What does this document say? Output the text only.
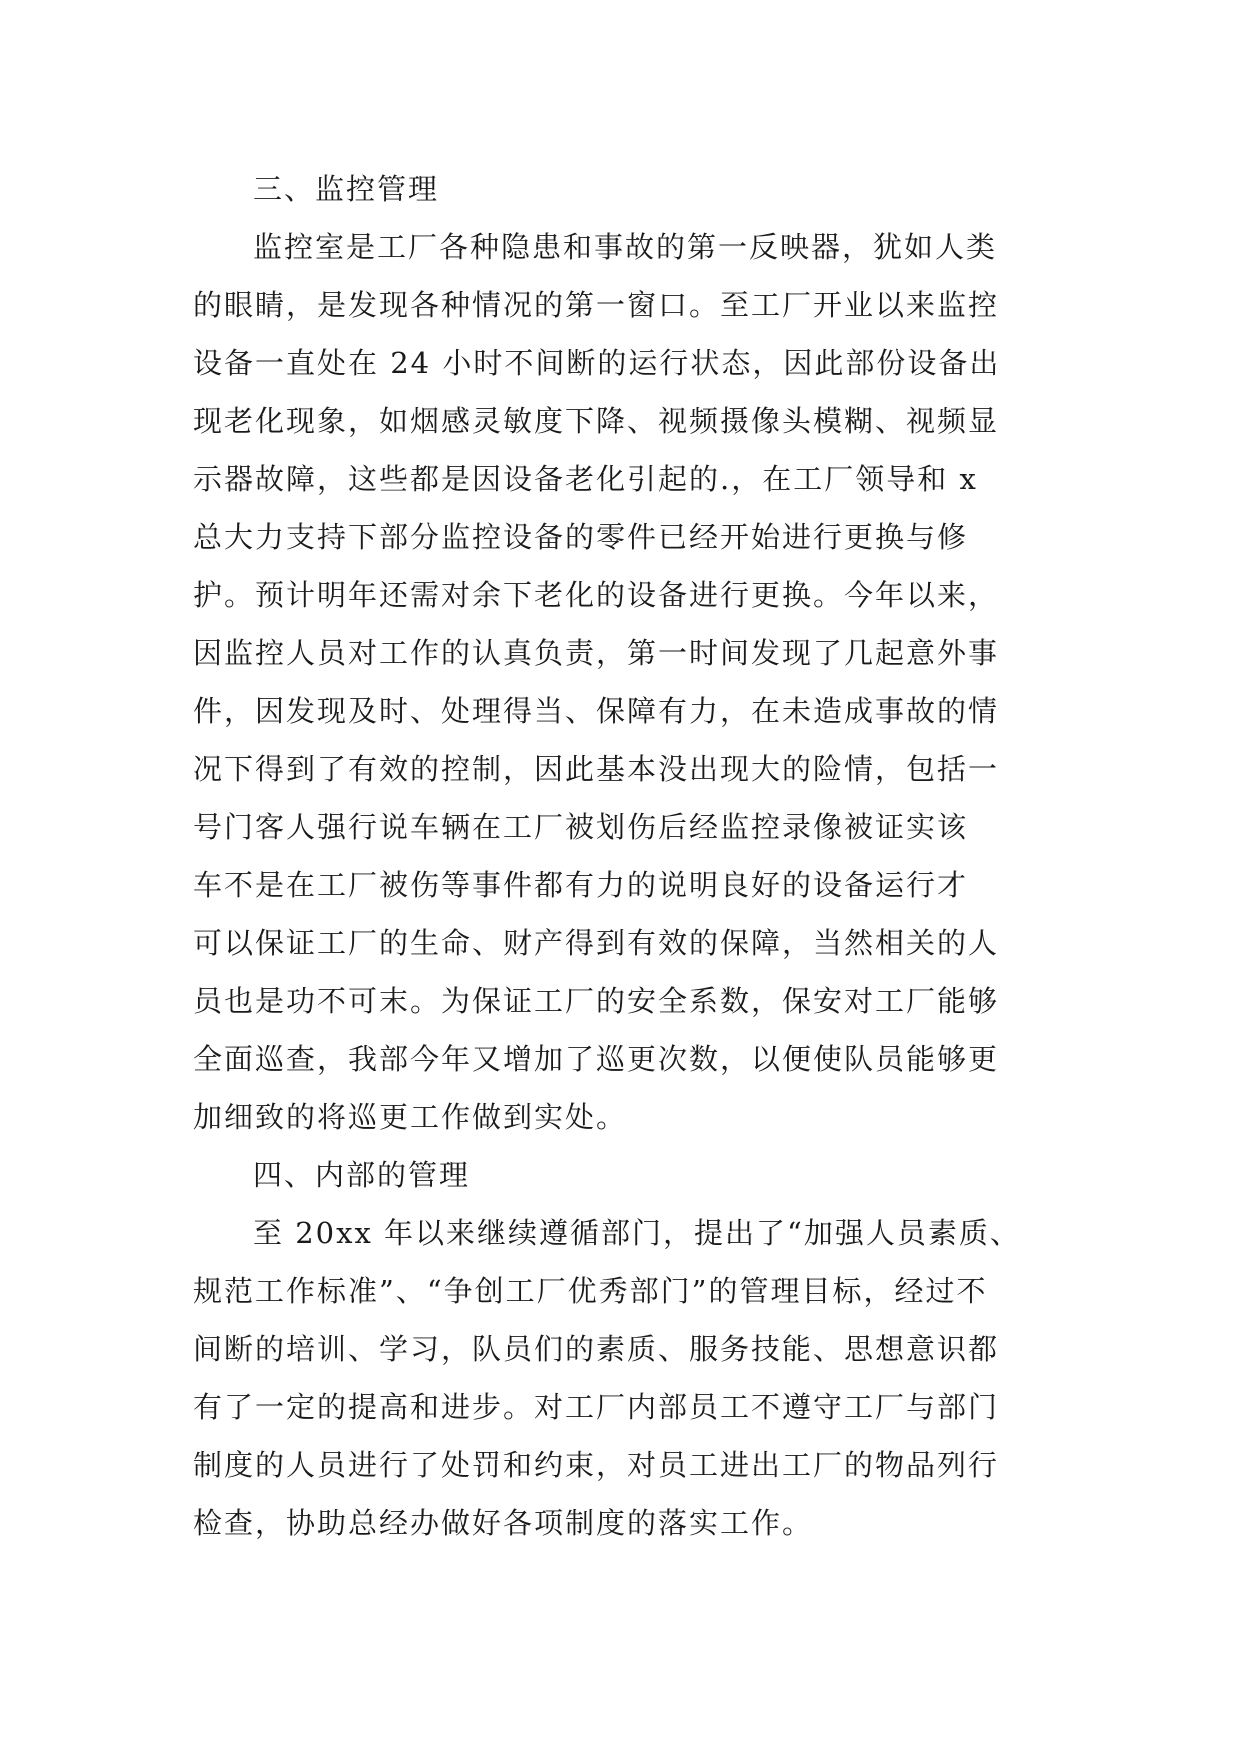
三、监控管理
监控室是工厂各种隐患和事故的第一反映器，犹如人类
的眼睛，是发现各种情况的第一窗口。至工厂开业以来监控
设备一直处在 24 小时不间断的运行状态，因此部份设备出
现老化现象，如烟感灵敏度下降、视频摄像头模糊、视频显
示器故障，这些都是因设备老化引起的.，在工厂领导和 x
总大力支持下部分监控设备的零件已经开始进行更换与修
护。预计明年还需对余下老化的设备进行更换。今年以来，
因监控人员对工作的认真负责，第一时间发现了几起意外事
件，因发现及时、处理得当、保障有力，在未造成事故的情
况下得到了有效的控制，因此基本没出现大的险情，包括一
号门客人强行说车辆在工厂被划伤后经监控录像被证实该
车不是在工厂被伤等事件都有力的说明良好的设备运行才
可以保证工厂的生命、财产得到有效的保障，当然相关的人
员也是功不可末。为保证工厂的安全系数，保安对工厂能够
全面巡查，我部今年又增加了巡更次数，以便使队员能够更
加细致的将巡更工作做到实处。
四、内部的管理
至 20xx 年以来继续遵循部门，提出了“加强人员素质、
规范工作标准”、“争创工厂优秀部门”的管理目标，经过不
间断的培训、学习，队员们的素质、服务技能、思想意识都
有了一定的提高和进步。对工厂内部员工不遵守工厂与部门
制度的人员进行了处罚和约束，对员工进出工厂的物品列行
检查，协助总经办做好各项制度的落实工作。
